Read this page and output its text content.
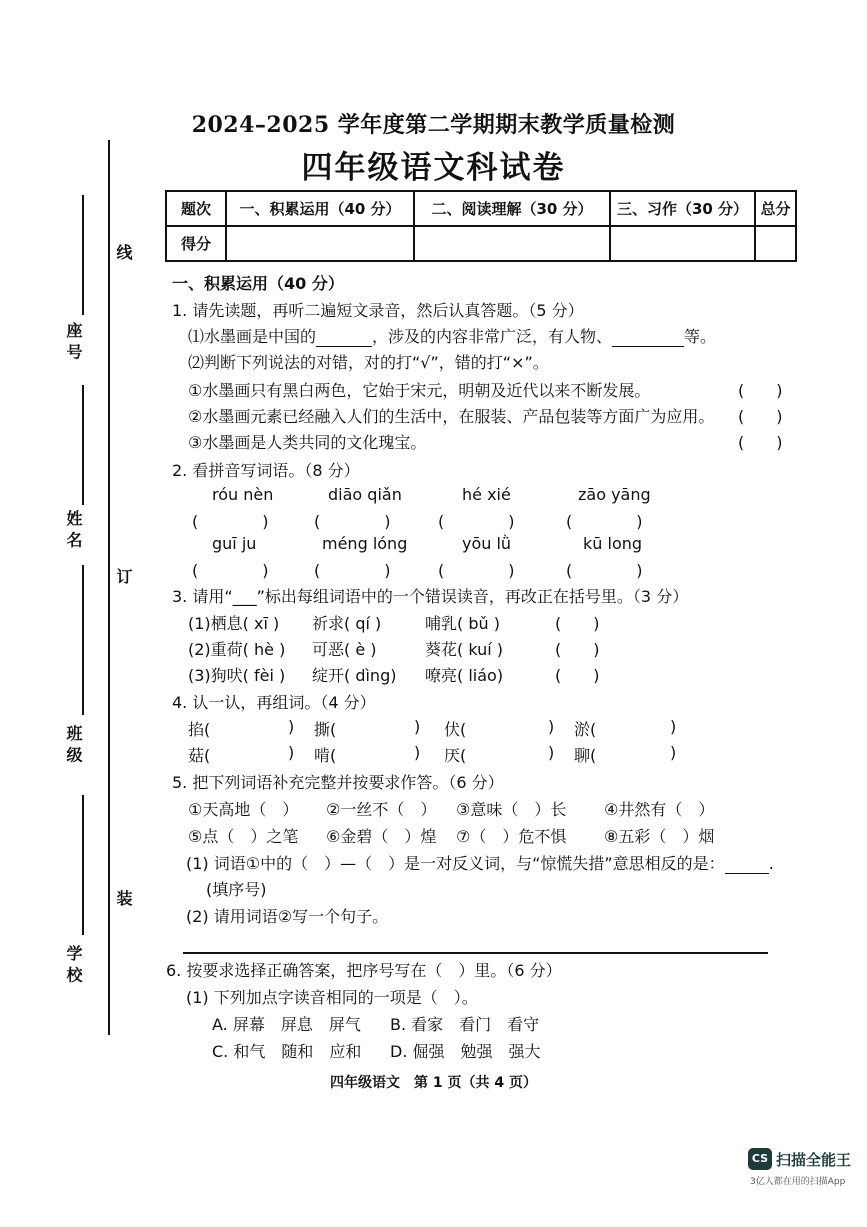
线
订
装
学 校
班 级
姓 名
座 号
2024–2025 学年度第二学期期末教学质量检测
四年级语文科试卷
题次	一、积累运用（40 分）	二、阅读理解（30 分）	三、习作（30 分）	总分
得分				
一、积累运用（40 分）
1. 请先读题，再听二遍短文录音，然后认真答题。（5 分）
⑴水墨画是中国的	，涉及的内容非常广泛，有人物、	等。
⑵判断下列说法的对错，对的打“√”，错的打“×”。
①水墨画只有黑白两色，它始于宋元，明朝及近代以来不断发展。	(　　)
②水墨画元素已经融入人们的生活中，在服装、产品包装等方面广为应用。 (　　)
③水墨画是人类共同的文化瑰宝。	(　　)
2. 看拼音写词语。（8 分）
róu nèn	diāo qiǎn	hé xié	zāo yāng
(　　　　)	(　　　　)	(　　　　)	(　　　　)
guī ju	méng lóng	yōu lǜ	kū long
(　　　　)	(　　　　)	(　　　　)	(　　　　)
3. 请用“___”标出每组词语中的一个错误读音，再改正在括号里。（3 分）
(1)栖息( xī ) 祈求( qí )	哺乳( bǔ )	(　　)
(2)重荷( hè ) 可恶( è )	葵花( kuí )	(　　)
(3)狗吠( fèi ) 绽开( dìng) 嘹亮( liáo)	(　　)
4. 认一认，再组词。（4 分）
掐(	) 撕(	) 伏(	) 淤(	)
菇(	) 啃(	) 厌(	) 聊(	)
5. 把下列词语补充完整并按要求作答。（6 分）
①天高地（　） ②一丝不（　） ③意味（　）长 ④井然有（　）
⑤点（　）之笔 ⑥金碧（　）煌 ⑦（　）危不惧 ⑧五彩（　）烟
(1) 词语①中的（　）—（　）是一对反义词，与“惊慌失措”意思相反的是：	.
(填序号)
(2) 请用词语②写一个句子。
6. 按要求选择正确答案，把序号写在（　）里。（6 分）
(1) 下列加点字读音相同的一项是（　）。
A. 屏幕　屏息　屏气 B. 看家　看门　看守
C. 和气　随和　应和 D. 倔强　勉强　强大
四年级语文　第 1 页（共 4 页）
CS 扫描全能王
3亿人都在用的扫描App
